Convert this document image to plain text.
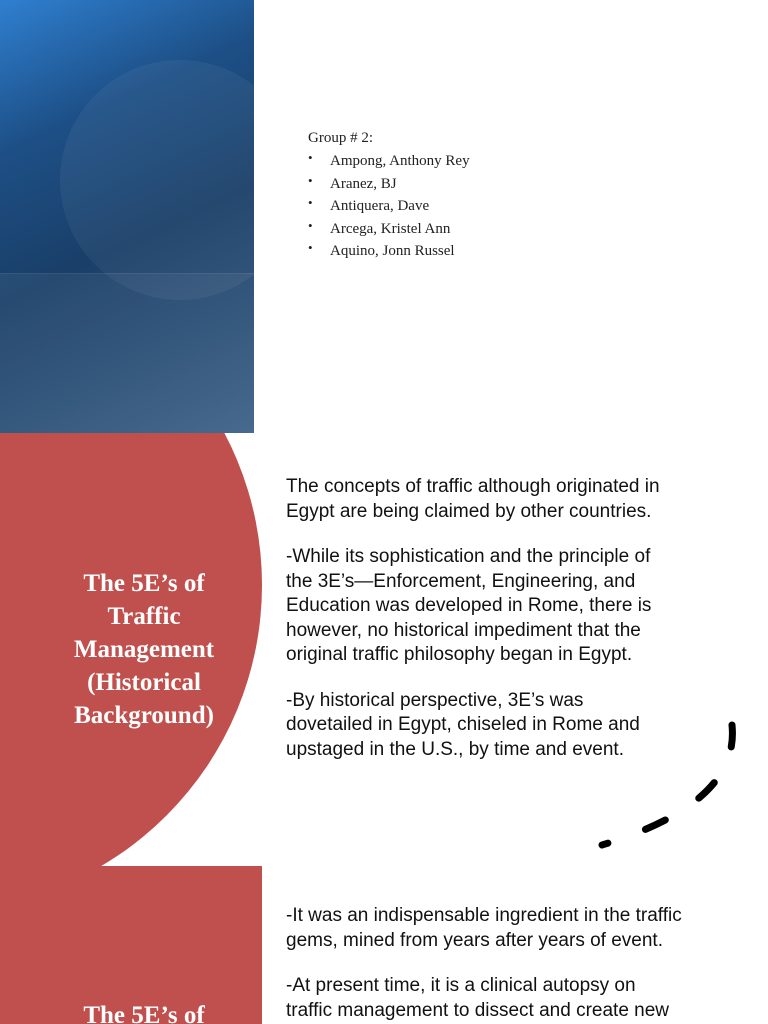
The 5E’s of
Traffic
Management
Group # 2:
• Ampong, Anthony Rey
• Aranez, BJ
• Antiquera, Dave
• Arcega, Kristel Ann
• Aquino, Jonn Russel
The 5E’s of
Traffic
Management
(Historical
Background)

The concepts of traffic although originated in
Egypt are being claimed by other countries.

-While its sophistication and the principle of
the 3E’s—Enforcement, Engineering, and
Education was developed in Rome, there is
however, no historical impediment that the
original traffic philosophy began in Egypt.

-By historical perspective, 3E’s was
dovetailed in Egypt, chiseled in Rome and
upstaged in the U.S., by time and event.

The 5E’s of

-It was an indispensable ingredient in the traffic
gems, mined from years after years of event.

-At present time, it is a clinical autopsy on
traffic management to dissect and create new
